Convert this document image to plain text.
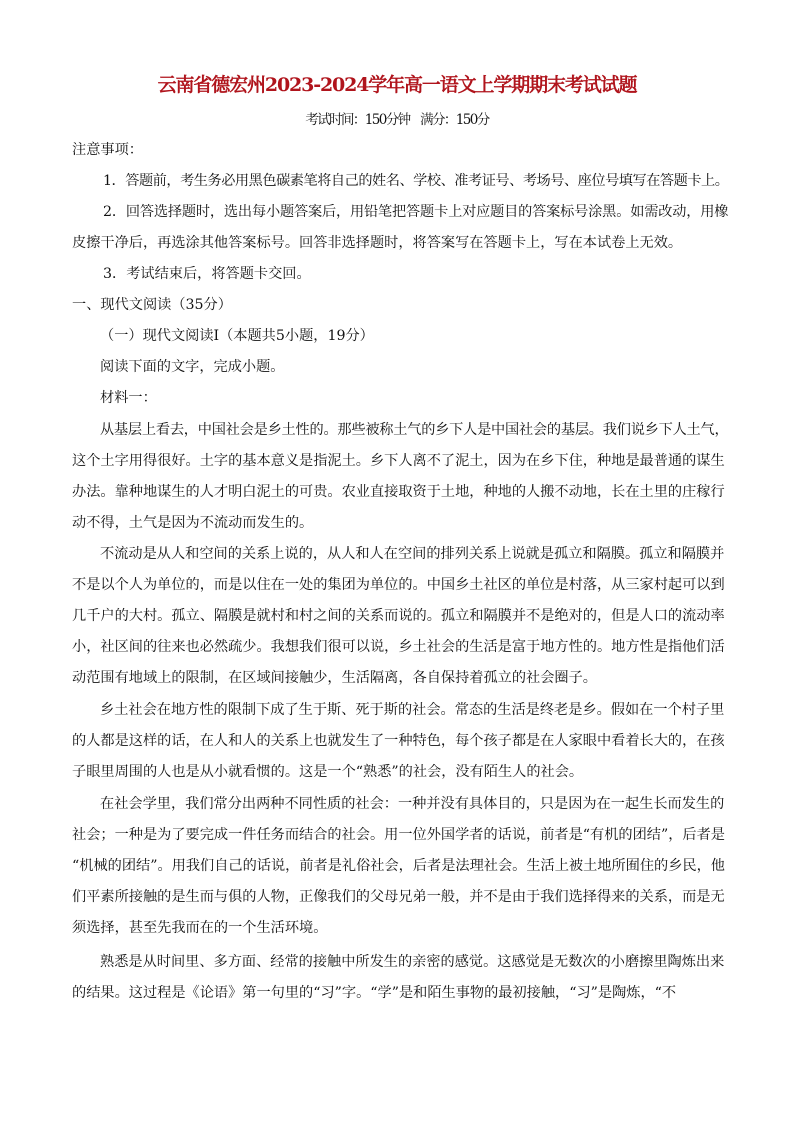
云南省德宏州2023-2024学年高一语文上学期期末考试试题
考试时间：150分钟    满分：150分
注意事项：
1．答题前，考生务必用黑色碳素笔将自己的姓名、学校、准考证号、考场号、座位号填写在答题卡上。
2．回答选择题时，选出每小题答案后，用铅笔把答题卡上对应题目的答案标号涂黑。如需改动，用橡
皮擦干净后，再选涂其他答案标号。回答非选择题时，将答案写在答题卡上，写在本试卷上无效。
3．考试结束后，将答题卡交回。
一、现代文阅读（35分）
（一）现代文阅读Ⅰ（本题共5小题，19分）
阅读下面的文字，完成小题。
材料一：
从基层上看去，中国社会是乡土性的。那些被称土气的乡下人是中国社会的基层。我们说乡下人土气，
这个土字用得很好。土字的基本意义是指泥土。乡下人离不了泥土，因为在乡下住，种地是最普通的谋生
办法。靠种地谋生的人才明白泥土的可贵。农业直接取资于土地，种地的人搬不动地，长在土里的庄稼行
动不得，土气是因为不流动而发生的。
不流动是从人和空间的关系上说的，从人和人在空间的排列关系上说就是孤立和隔膜。孤立和隔膜并
不是以个人为单位的，而是以住在一处的集团为单位的。中国乡土社区的单位是村落，从三家村起可以到
几千户的大村。孤立、隔膜是就村和村之间的关系而说的。孤立和隔膜并不是绝对的，但是人口的流动率
小，社区间的往来也必然疏少。我想我们很可以说，乡土社会的生活是富于地方性的。地方性是指他们活
动范围有地域上的限制，在区域间接触少，生活隔离，各自保持着孤立的社会圈子。
乡土社会在地方性的限制下成了生于斯、死于斯的社会。常态的生活是终老是乡。假如在一个村子里
的人都是这样的话，在人和人的关系上也就发生了一种特色，每个孩子都是在人家眼中看着长大的，在孩
子眼里周围的人也是从小就看惯的。这是一个“熟悉”的社会，没有陌生人的社会。
在社会学里，我们常分出两种不同性质的社会：一种并没有具体目的，只是因为在一起生长而发生的
社会；一种是为了要完成一件任务而结合的社会。用一位外国学者的话说，前者是“有机的团结”，后者是
“机械的团结”。用我们自己的话说，前者是礼俗社会，后者是法理社会。生活上被土地所囿住的乡民，他
们平素所接触的是生而与俱的人物，正像我们的父母兄弟一般，并不是由于我们选择得来的关系，而是无
须选择，甚至先我而在的一个生活环境。
熟悉是从时间里、多方面、经常的接触中所发生的亲密的感觉。这感觉是无数次的小磨擦里陶炼出来
的结果。这过程是《论语》第一句里的“习”字。“学”是和陌生事物的最初接触，“习”是陶炼，“不
